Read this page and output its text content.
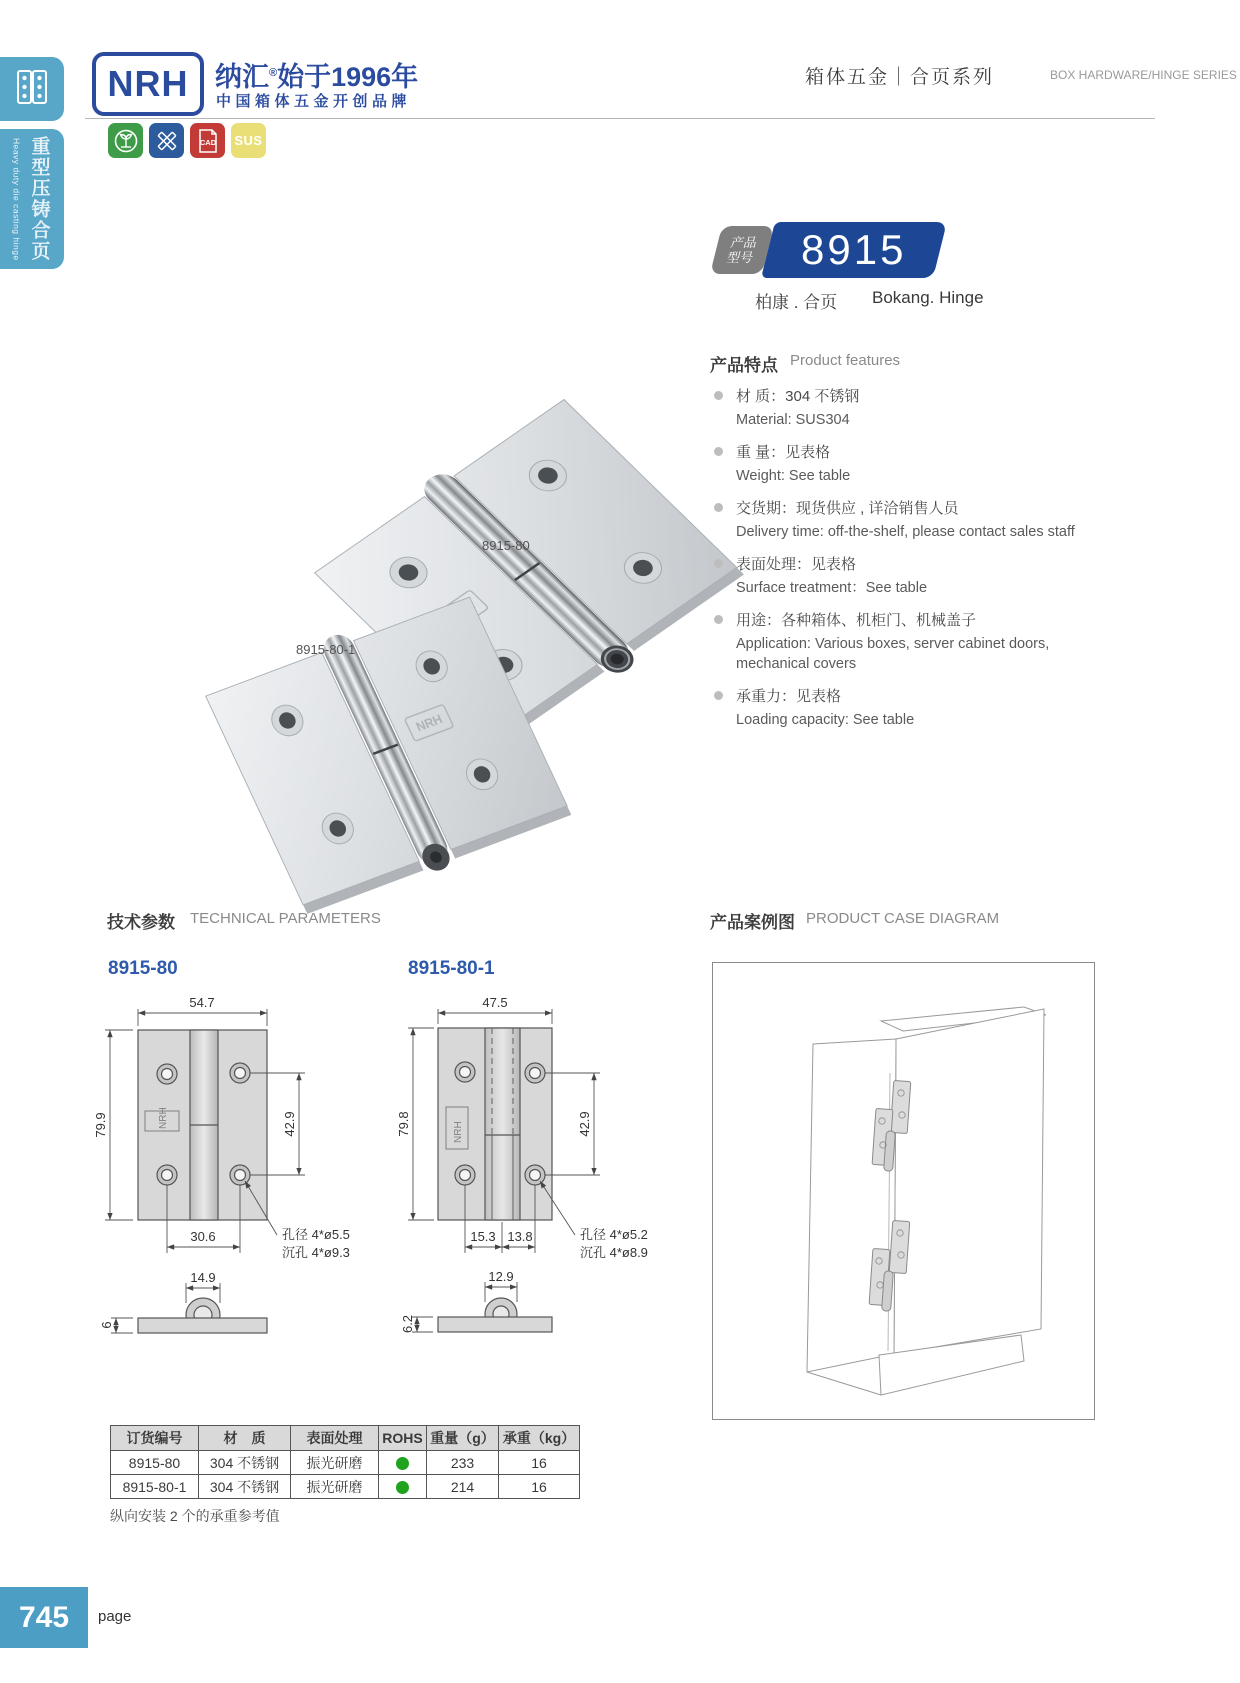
Heavy duty die casting hinge 重型压铸合页
NRH 纳汇®始于1996年
中国箱体五金开创品牌
箱体五金｜合页系列	BOX HARDWARE/HINGE SERIES
CAD SUS
NRH
8915-80
8915-80-1
产品
型号 8915
柏康 . 合页 Bokang. Hinge
产品特点 Product features
材 质：304 不锈钢
Material: SUS304
重 量：见表格
Weight: See table
交货期：现货供应 , 详洽销售人员
Delivery time: off-the-shelf, please contact sales staff
表面处理：见表格
Surface treatment：See table
用途：各种箱体、机柜门、机械盖子
Application: Various boxes, server cabinet doors, mechanical covers
承重力：见表格
Loading capacity: See table
技术参数 TECHNICAL PARAMETERS
8915-80	8915-80-1
NRH
54.7
79.9	42.9
30.6	孔径 4*ø5.5
沉孔 4*ø9.3
14.9
6
NRH
47.5
79.8	42.9
15.3 13.8	孔径 4*ø5.2
沉孔 4*ø8.9
12.9
6.2
产品案例图 PRODUCT CASE DIAGRAM
订货编号	材　质	表面处理	ROHS	重量（g）	承重（kg）
8915-80	304 不锈钢	振光研磨		233	16
8915-80-1	304 不锈钢	振光研磨		214	16
纵向安装 2 个的承重参考值
745 page
